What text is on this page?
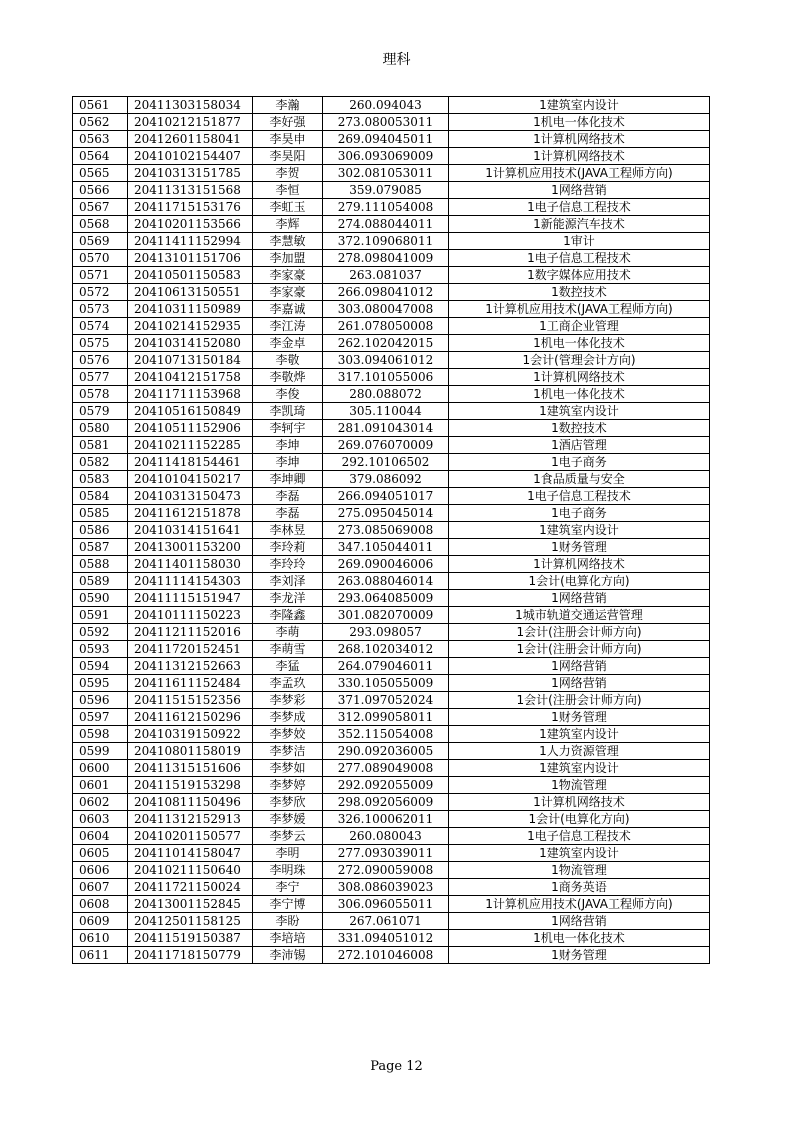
理科
0561	20411303158034	李瀚	260.094043	1建筑室内设计
0562	20410212151877	李好强	273.080053011	1机电一体化技术
0563	20412601158041	李昊申	269.094045011	1计算机网络技术
0564	20410102154407	李昊阳	306.093069009	1计算机网络技术
0565	20410313151785	李贺	302.081053011	1计算机应用技术(JAVA工程师方向)
0566	20411313151568	李恒	359.079085	1网络营销
0567	20411715153176	李虹玉	279.111054008	1电子信息工程技术
0568	20410201153566	李辉	274.088044011	1新能源汽车技术
0569	20411411152994	李慧敏	372.109068011	1审计
0570	20413101151706	李加盟	278.098041009	1电子信息工程技术
0571	20410501150583	李家豪	263.081037	1数字媒体应用技术
0572	20410613150551	李家豪	266.098041012	1数控技术
0573	20410311150989	李嘉诚	303.080047008	1计算机应用技术(JAVA工程师方向)
0574	20410214152935	李江涛	261.078050008	1工商企业管理
0575	20410314152080	李金卓	262.102042015	1机电一体化技术
0576	20410713150184	李敬	303.094061012	1会计(管理会计方向)
0577	20410412151758	李敬烨	317.101055006	1计算机网络技术
0578	20411711153968	李俊	280.088072	1机电一体化技术
0579	20410516150849	李凯琦	305.110044	1建筑室内设计
0580	20410511152906	李轲宇	281.091043014	1数控技术
0581	20410211152285	李坤	269.076070009	1酒店管理
0582	20411418154461	李坤	292.10106502	1电子商务
0583	20410104150217	李坤卿	379.086092	1食品质量与安全
0584	20410313150473	李磊	266.094051017	1电子信息工程技术
0585	20411612151878	李磊	275.095045014	1电子商务
0586	20410314151641	李林昱	273.085069008	1建筑室内设计
0587	20413001153200	李玲莉	347.105044011	1财务管理
0588	20411401158030	李玲玲	269.090046006	1计算机网络技术
0589	20411114154303	李刘泽	263.088046014	1会计(电算化方向)
0590	20411115151947	李龙洋	293.064085009	1网络营销
0591	20410111150223	李隆鑫	301.082070009	1城市轨道交通运营管理
0592	20411211152016	李萌	293.098057	1会计(注册会计师方向)
0593	20411720152451	李萌雪	268.102034012	1会计(注册会计师方向)
0594	20411312152663	李猛	264.079046011	1网络营销
0595	20411611152484	李孟玖	330.105055009	1网络营销
0596	20411515152356	李梦彩	371.097052024	1会计(注册会计师方向)
0597	20411612150296	李梦成	312.099058011	1财务管理
0598	20410319150922	李梦姣	352.115054008	1建筑室内设计
0599	20410801158019	李梦洁	290.092036005	1人力资源管理
0600	20411315151606	李梦如	277.089049008	1建筑室内设计
0601	20411519153298	李梦婷	292.092055009	1物流管理
0602	20410811150496	李梦欣	298.092056009	1计算机网络技术
0603	20411312152913	李梦媛	326.100062011	1会计(电算化方向)
0604	20410201150577	李梦云	260.080043	1电子信息工程技术
0605	20411014158047	李明	277.093039011	1建筑室内设计
0606	20410211150640	李明珠	272.090059008	1物流管理
0607	20411721150024	李宁	308.086039023	1商务英语
0608	20413001152845	李宁博	306.096055011	1计算机应用技术(JAVA工程师方向)
0609	20412501158125	李盼	267.061071	1网络营销
0610	20411519150387	李培培	331.094051012	1机电一体化技术
0611	20411718150779	李沛锡	272.101046008	1财务管理
Page 12
